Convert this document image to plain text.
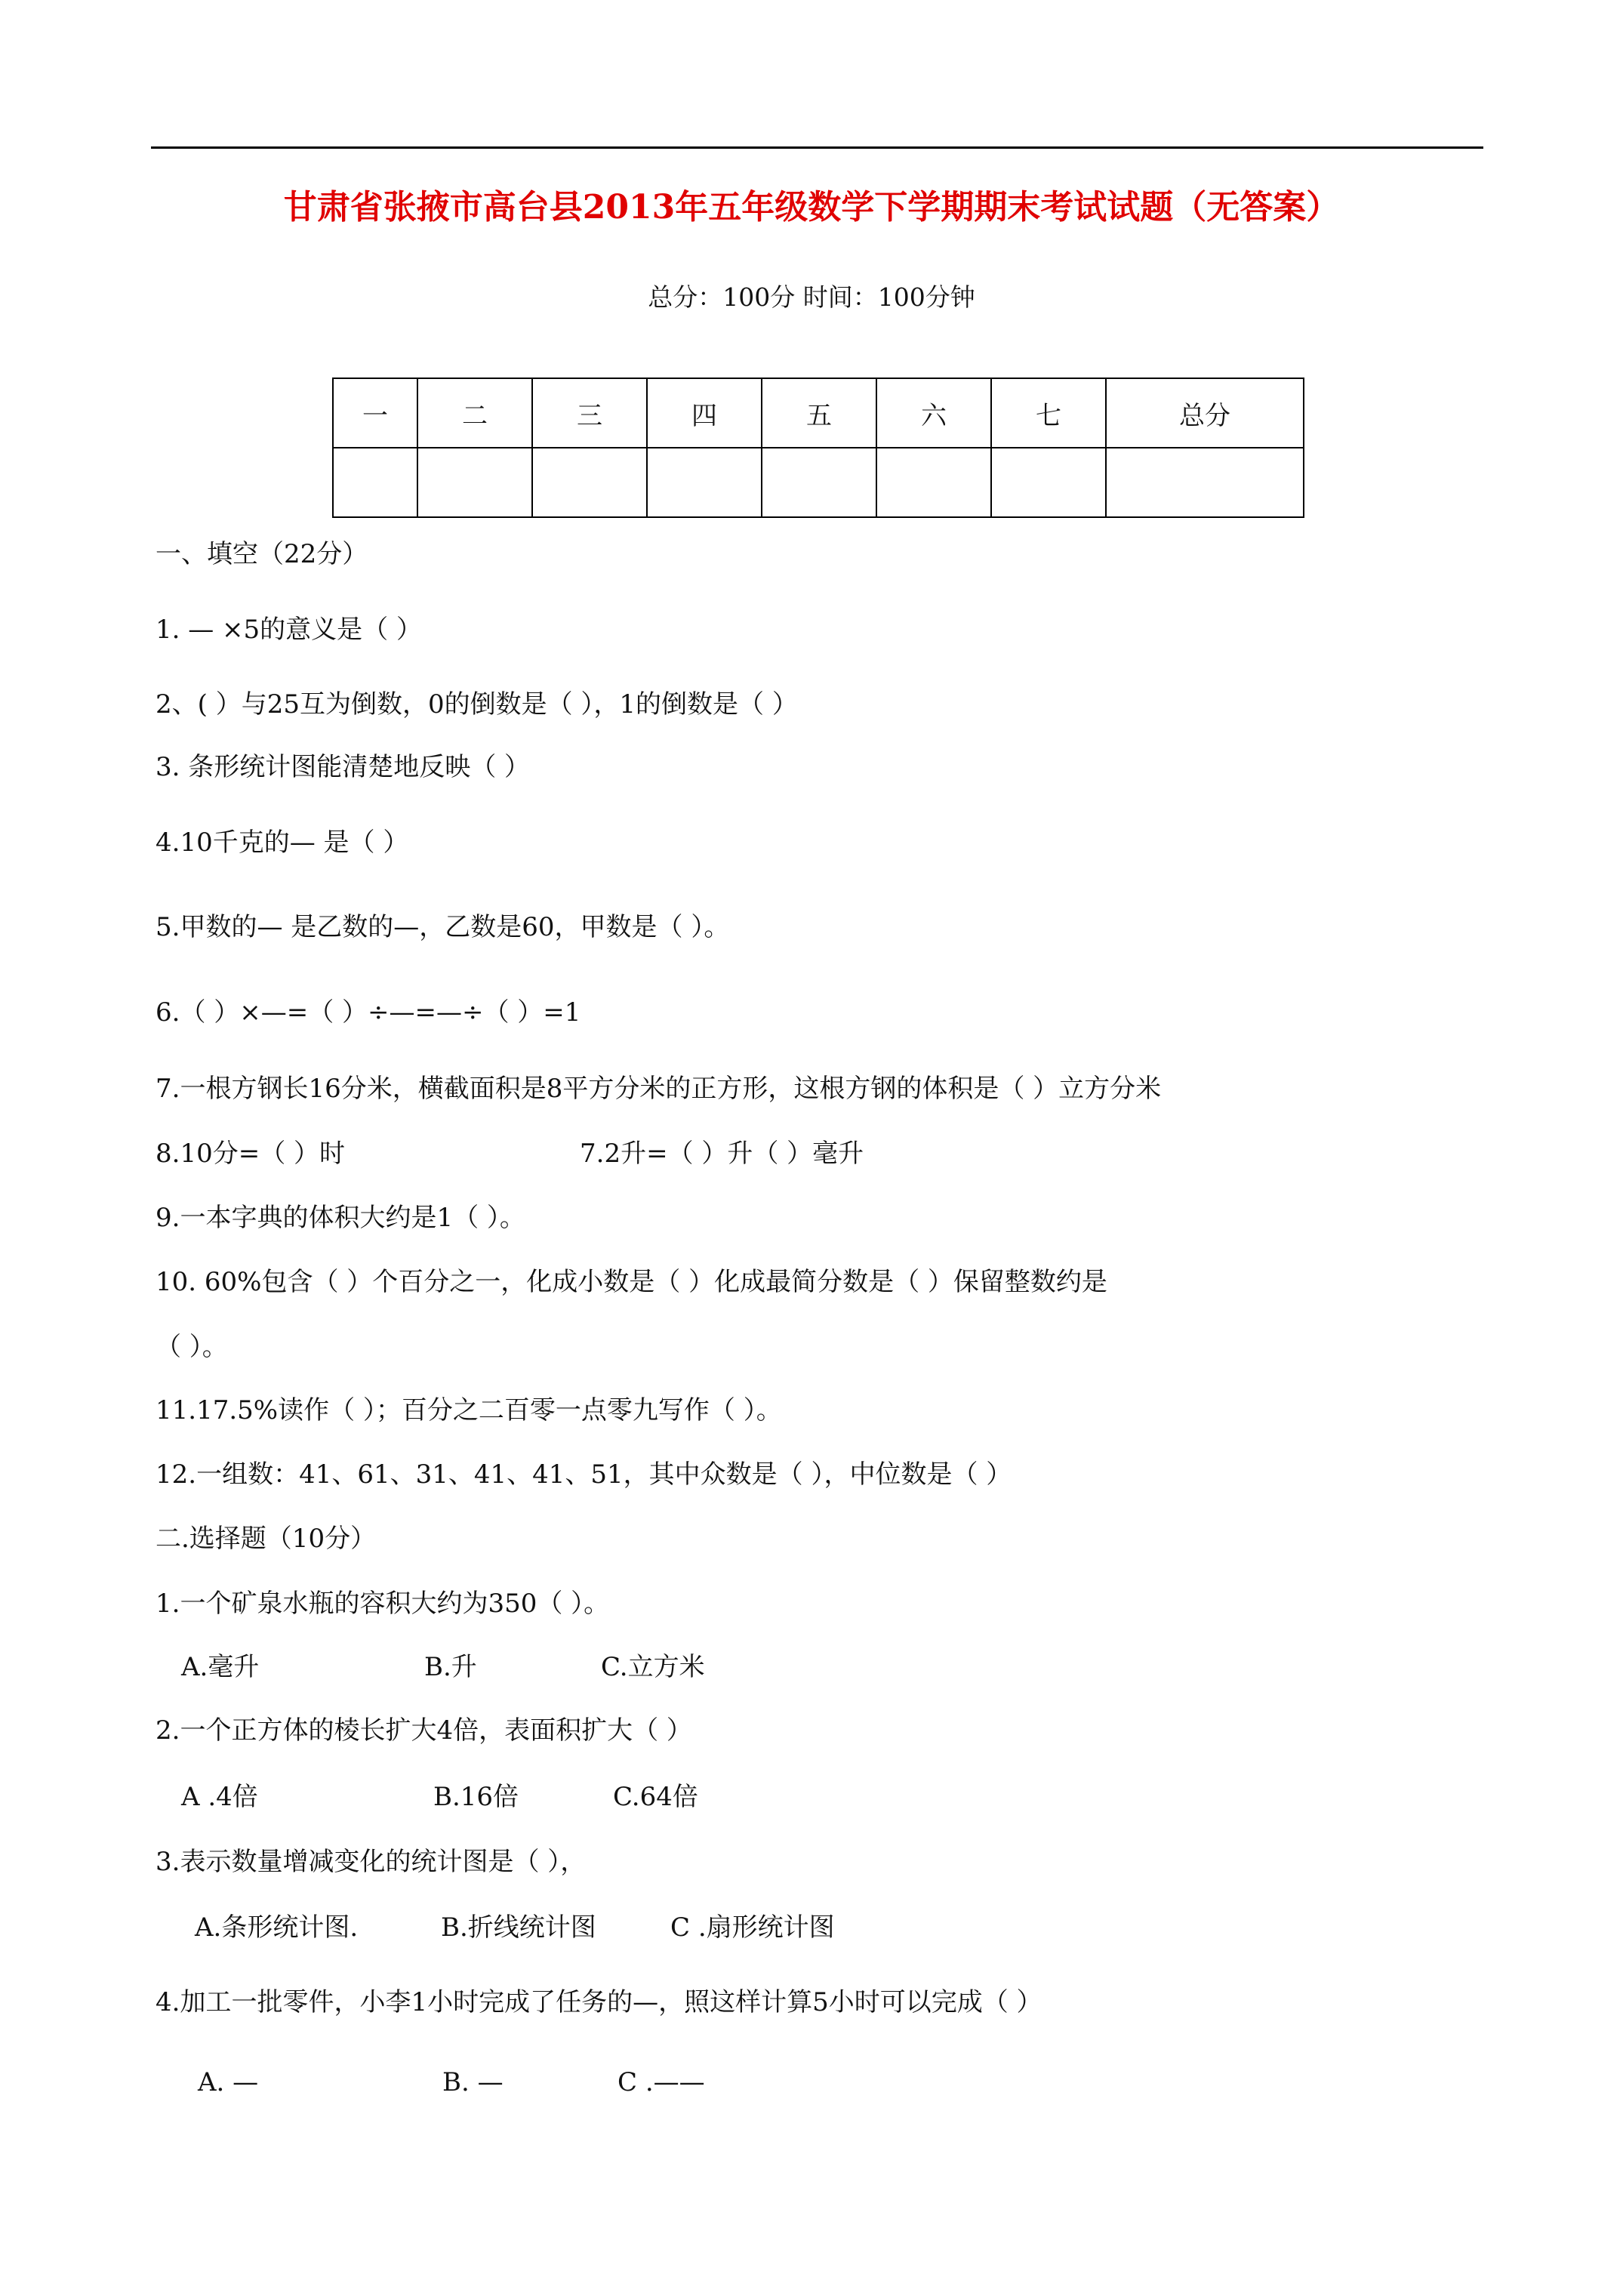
甘肃省张掖市高台县2013年五年级数学下学期期末考试试题（无答案）
总分：100分 时间：100分钟
一	二	三	四	五	六	七	总分

一、填空（22分）
1. — ×5的意义是（ ）
2、( ）与25互为倒数，0的倒数是（ ），1的倒数是（ ）
3. 条形统计图能清楚地反映（ ）
4.10千克的— 是（ ）
5.甲数的— 是乙数的—，乙数是60，甲数是（ ）。
6.（ ）×—=（ ）÷—=—÷（ ）=1
7.一根方钢长16分米，横截面积是8平方分米的正方形，这根方钢的体积是（ ）立方分米
8.10分=（ ）时	7.2升=（ ）升（ ）毫升
9.一本字典的体积大约是1（ ）。
10. 60%包含（ ）个百分之一，化成小数是（ ）化成最简分数是（ ）保留整数约是
（ ）。
11.17.5%读作（ ）；百分之二百零一点零九写作（ ）。
12.一组数：41、61、31、41、41、51，其中众数是（ ），中位数是（ ）
二.选择题（10分）
1.一个矿泉水瓶的容积大约为350（ ）。
A.毫升	B.升	C.立方米
2.一个正方体的棱长扩大4倍，表面积扩大（ ）
A .4倍	B.16倍	C.64倍
3.表示数量增减变化的统计图是（ ），
A.条形统计图.	B.折线统计图	C .扇形统计图
4.加工一批零件，小李1小时完成了任务的—，照这样计算5小时可以完成（ ）
A. —	B. —	C .——
